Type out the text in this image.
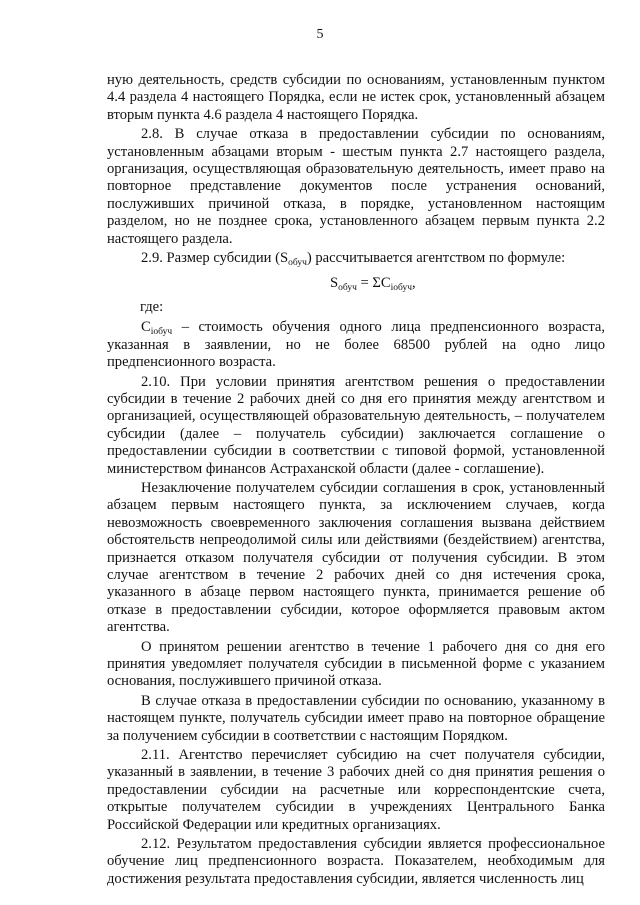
5

ную деятельность, средств субсидии по основаниям, установленным пунктом 4.4 раздела 4 настоящего Порядка, если не истек срок, установленный абзацем вторым пункта 4.6 раздела 4 настоящего Порядка.

2.8. В случае отказа в предоставлении субсидии по основаниям, установленным абзацами вторым - шестым пункта 2.7 настоящего раздела, организация, осуществляющая образовательную деятельность, имеет право на повторное представление документов после устранения оснований, послуживших причиной отказа, в порядке, установленном настоящим разделом, но не позднее срока, установленного абзацем первым пункта 2.2 настоящего раздела.

2.9. Размер субсидии $(S_{обуч})$ рассчитывается агентством по формуле:

$S_{обуч} = \Sigma C_{iобуч}$,

где:

$C_{iобуч}$ – стоимость обучения одного лица предпенсионного возраста, указанная в заявлении, но не более 68500 рублей на одно лицо предпенсионного возраста.

2.10. При условии принятия агентством решения о предоставлении субсидии в течение 2 рабочих дней со дня его принятия между агентством и организацией, осуществляющей образовательную деятельность, – получателем субсидии (далее – получатель субсидии) заключается соглашение о предоставлении субсидии в соответствии с типовой формой, установленной министерством финансов Астраханской области (далее - соглашение).

Незаключение получателем субсидии соглашения в срок, установленный абзацем первым настоящего пункта, за исключением случаев, когда невозможность своевременного заключения соглашения вызвана действием обстоятельств непреодолимой силы или действиями (бездействием) агентства, признается отказом получателя субсидии от получения субсидии. В этом случае агентством в течение 2 рабочих дней со дня истечения срока, указанного в абзаце первом настоящего пункта, принимается решение об отказе в предоставлении субсидии, которое оформляется правовым актом агентства.

О принятом решении агентство в течение 1 рабочего дня со дня его принятия уведомляет получателя субсидии в письменной форме с указанием основания, послужившего причиной отказа.

В случае отказа в предоставлении субсидии по основанию, указанному в настоящем пункте, получатель субсидии имеет право на повторное обращение за получением субсидии в соответствии с настоящим Порядком.

2.11. Агентство перечисляет субсидию на счет получателя субсидии, указанный в заявлении, в течение 3 рабочих дней со дня принятия решения о предоставлении субсидии на расчетные или корреспондентские счета, открытые получателем субсидии в учреждениях Центрального Банка Российской Федерации или кредитных организациях.

2.12. Результатом предоставления субсидии является профессиональное обучение лиц предпенсионного возраста. Показателем, необходимым для достижения результата предоставления субсидии, является численность лиц
